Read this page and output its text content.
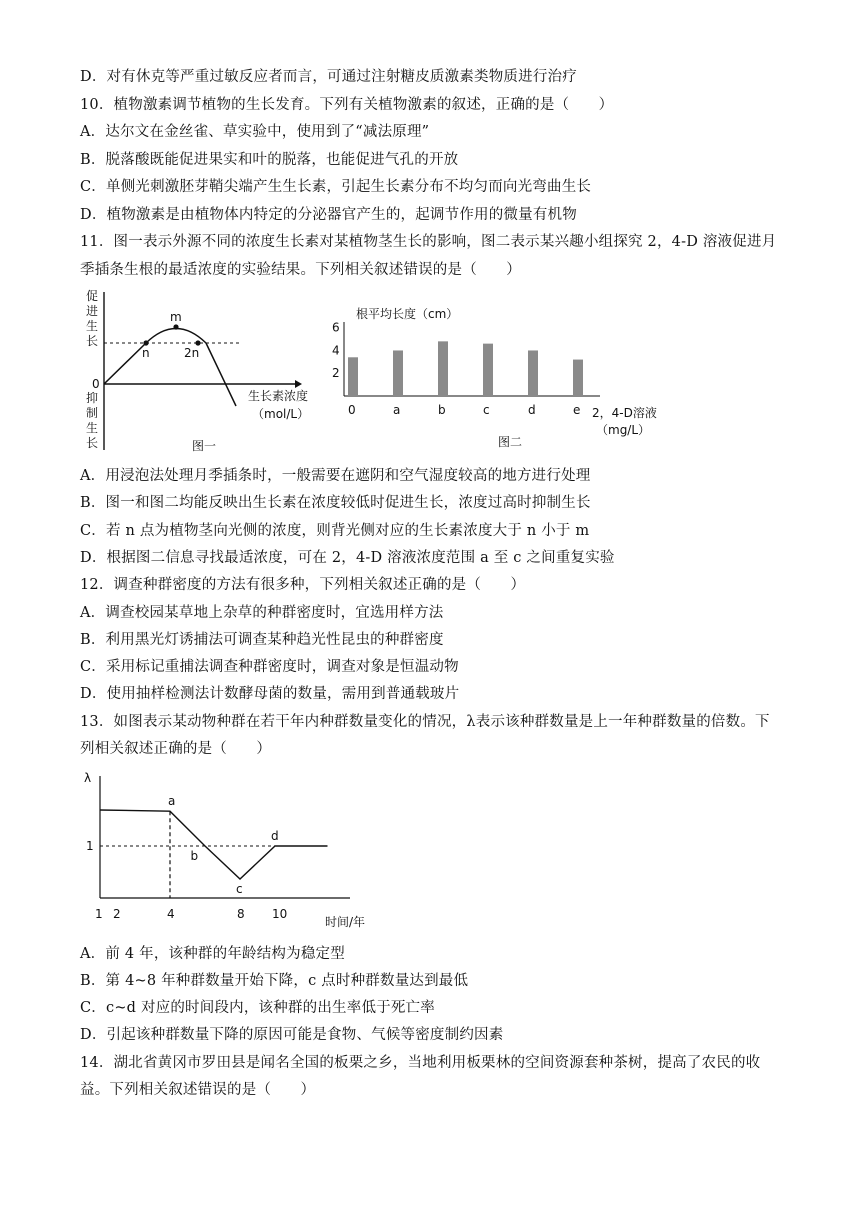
D．对有休克等严重过敏反应者而言，可通过注射糖皮质激素类物质进行治疗
10．植物激素调节植物的生长发育。下列有关植物激素的叙述，正确的是（　　）
A．达尔文在金丝雀、草实验中，使用到了“减法原理”
B．脱落酸既能促进果实和叶的脱落，也能促进气孔的开放
C．单侧光刺激胚芽鞘尖端产生生长素，引起生长素分布不均匀而向光弯曲生长
D．植物激素是由植物体内特定的分泌器官产生的，起调节作用的微量有机物
11．图一表示外源不同的浓度生长素对某植物茎生长的影响，图二表示某兴趣小组探究 2，4-D 溶液促进月
季插条生根的最适浓度的实验结果。下列相关叙述错误的是（　　）
促
进
生
长
抑
制
生
长
0
m
n	2n
生长素浓度
（mol/L）
图一
根平均长度（cm）
2
4
6
0	a	b	c	d	e 2，4-D溶液
（mg/L）
图二
A．用浸泡法处理月季插条时，一般需要在遮阴和空气湿度较高的地方进行处理
B．图一和图二均能反映出生长素在浓度较低时促进生长，浓度过高时抑制生长
C．若 n 点为植物茎向光侧的浓度，则背光侧对应的生长素浓度大于 n 小于 m
D．根据图二信息寻找最适浓度，可在 2，4-D 溶液浓度范围 a 至 c 之间重复实验
12．调查种群密度的方法有很多种，下列相关叙述正确的是（　　）
A．调查校园某草地上杂草的种群密度时，宜选用样方法
B．利用黑光灯诱捕法可调查某种趋光性昆虫的种群密度
C．采用标记重捕法调查种群密度时，调查对象是恒温动物
D．使用抽样检测法计数酵母菌的数量，需用到普通载玻片
13．如图表示某动物种群在若干年内种群数量变化的情况，λ表示该种群数量是上一年种群数量的倍数。下
列相关叙述正确的是（　　）
λ
1
a
b
c
d
1 2	4	8 10
时间/年
A．前 4 年，该种群的年龄结构为稳定型
B．第 4~8 年种群数量开始下降，c 点时种群数量达到最低
C．c~d 对应的时间段内，该种群的出生率低于死亡率
D．引起该种群数量下降的原因可能是食物、气候等密度制约因素
14．湖北省黄冈市罗田县是闻名全国的板栗之乡，当地利用板栗林的空间资源套种茶树，提高了农民的收
益。下列相关叙述错误的是（　　）
